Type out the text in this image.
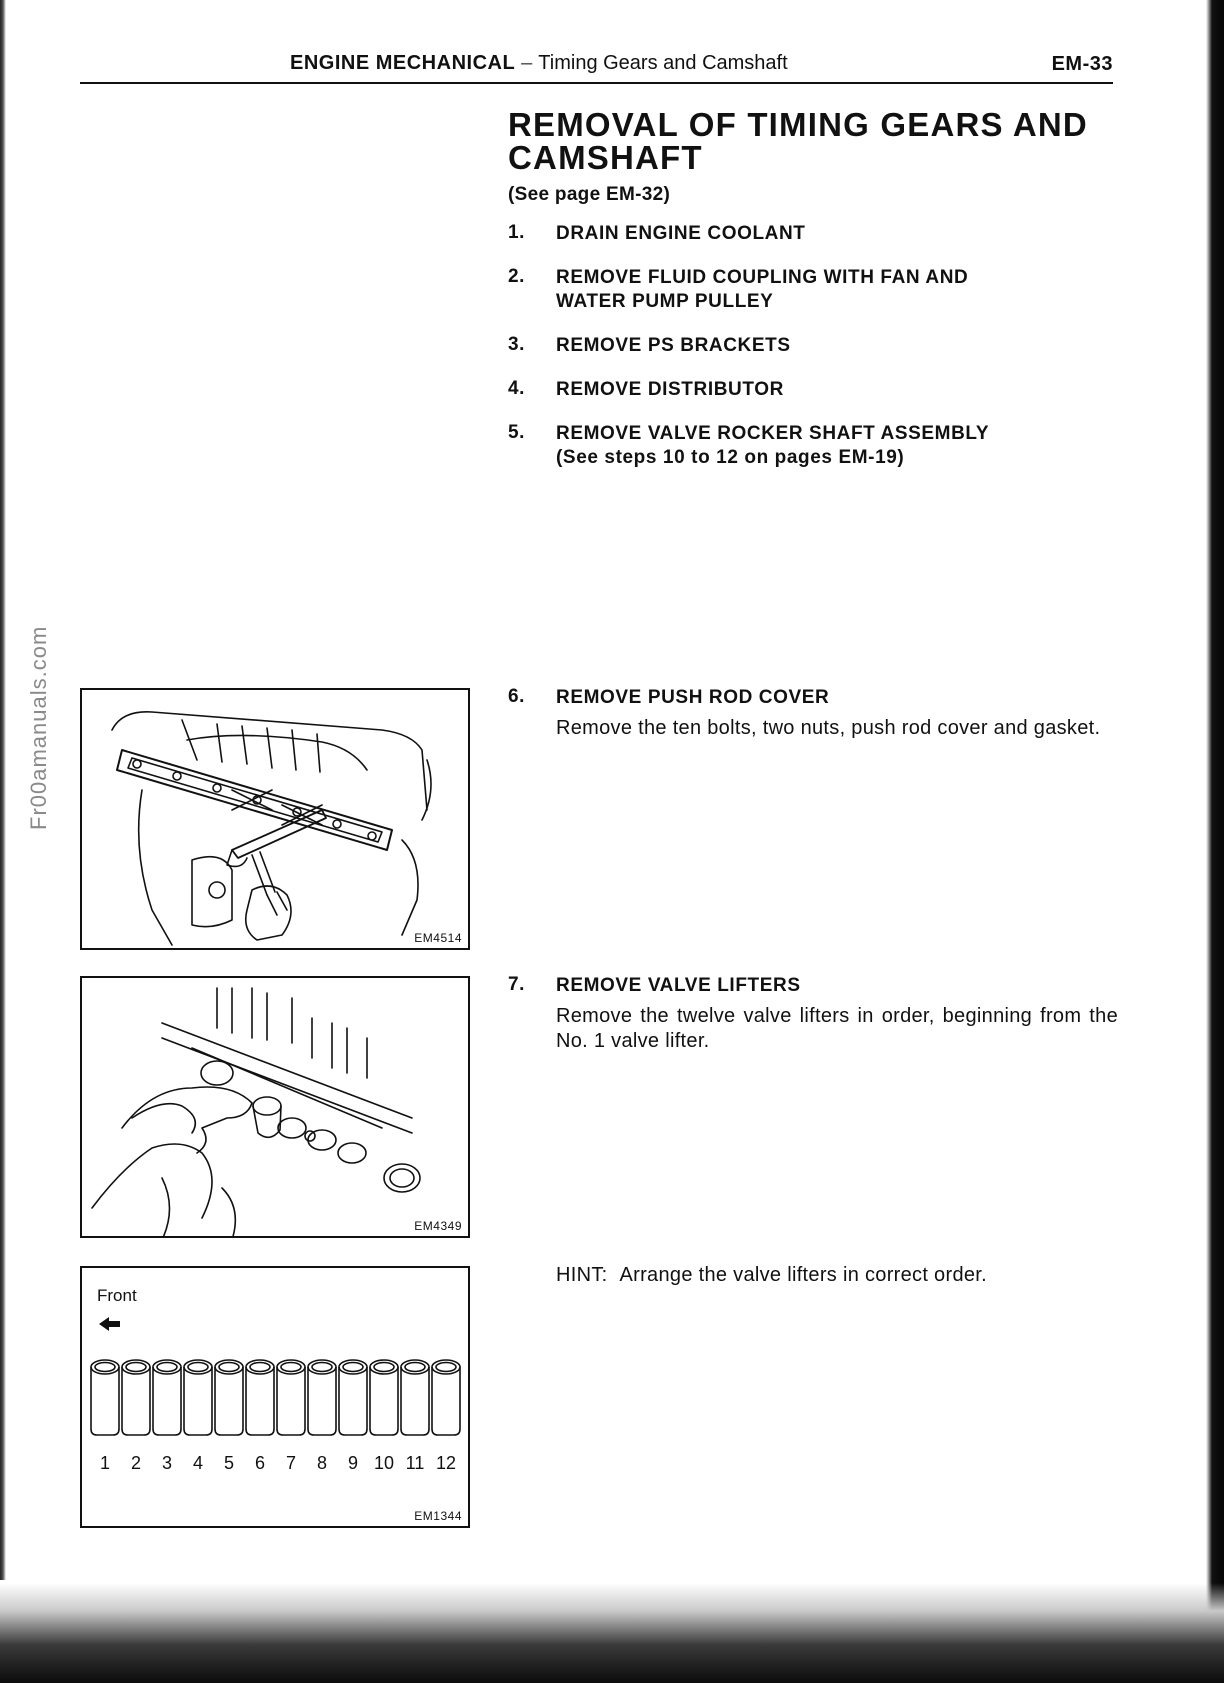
Fr00amanuals.com
ENGINE MECHANICAL – Timing Gears and Camshaft	EM-33
REMOVAL OF TIMING GEARS AND
CAMSHAFT
(See page EM-32)
1. DRAIN ENGINE COOLANT
2. REMOVE FLUID COUPLING WITH FAN AND
WATER PUMP PULLEY
3. REMOVE PS BRACKETS
4. REMOVE DISTRIBUTOR
5. REMOVE VALVE ROCKER SHAFT ASSEMBLY
(See steps 10 to 12 on pages EM-19)
6. REMOVE PUSH ROD COVER
Remove the ten bolts, two nuts, push rod cover and gasket.
7. REMOVE VALVE LIFTERS
Remove the twelve valve lifters in order, beginning from the No. 1 valve lifter.
HINT: Arrange the valve lifters in correct order.
EM4514
EM4349
Front
1	2	3	4	5	6	7	8	9 10 11 12
EM1344
